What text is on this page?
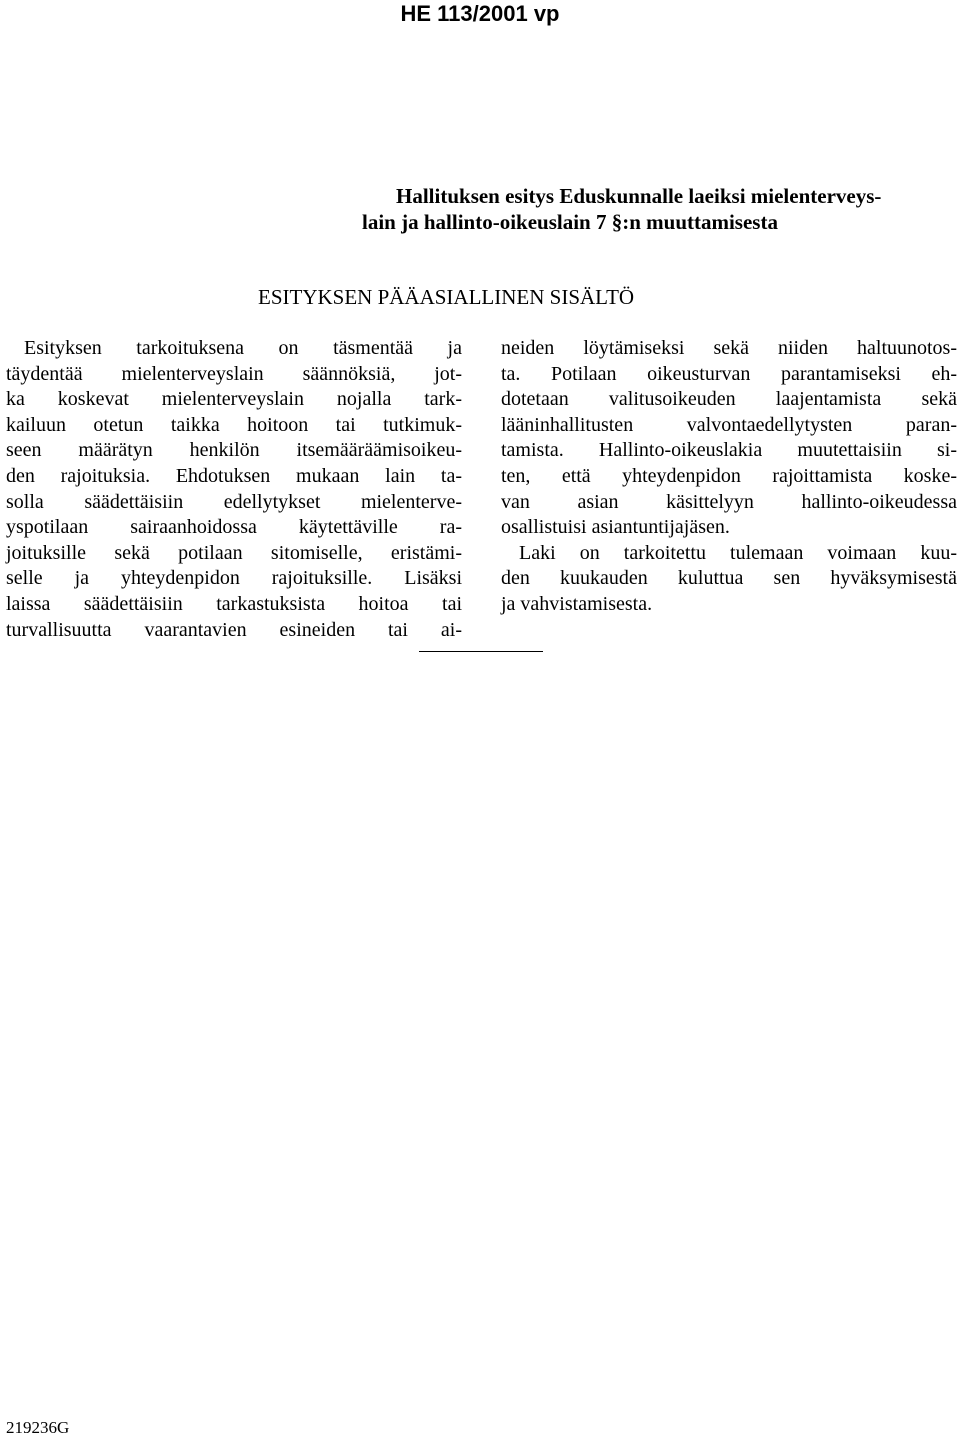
HE 113/2001 vp
Hallituksen esitys Eduskunnalle laeiksi mielenterveys-
lain ja hallinto-oikeuslain 7 §:n muuttamisesta
ESITYKSEN PÄÄASIALLINEN SISÄLTÖ
Esityksen tarkoituksena on täsmentää ja
täydentää mielenterveyslain säännöksiä, jot-
ka koskevat mielenterveyslain nojalla tark-
kailuun otetun taikka hoitoon tai tutkimuk-
seen määrätyn henkilön itsemääräämisoikeu-
den rajoituksia. Ehdotuksen mukaan lain ta-
solla säädettäisiin edellytykset mielenterve-
yspotilaan sairaanhoidossa käytettäville ra-
joituksille sekä potilaan sitomiselle, eristämi-
selle ja yhteydenpidon rajoituksille. Lisäksi
laissa säädettäisiin tarkastuksista hoitoa tai
turvallisuutta vaarantavien esineiden tai ai-
neiden löytämiseksi sekä niiden haltuunotos-
ta. Potilaan oikeusturvan parantamiseksi eh-
dotetaan valitusoikeuden laajentamista sekä
lääninhallitusten valvontaedellytysten paran-
tamista. Hallinto-oikeuslakia muutettaisiin si-
ten, että yhteydenpidon rajoittamista koske-
van asian käsittelyyn hallinto-oikeudessa
osallistuisi asiantuntijajäsen.
Laki on tarkoitettu tulemaan voimaan kuu-
den kuukauden kuluttua sen hyväksymisestä
ja vahvistamisesta.
219236G
